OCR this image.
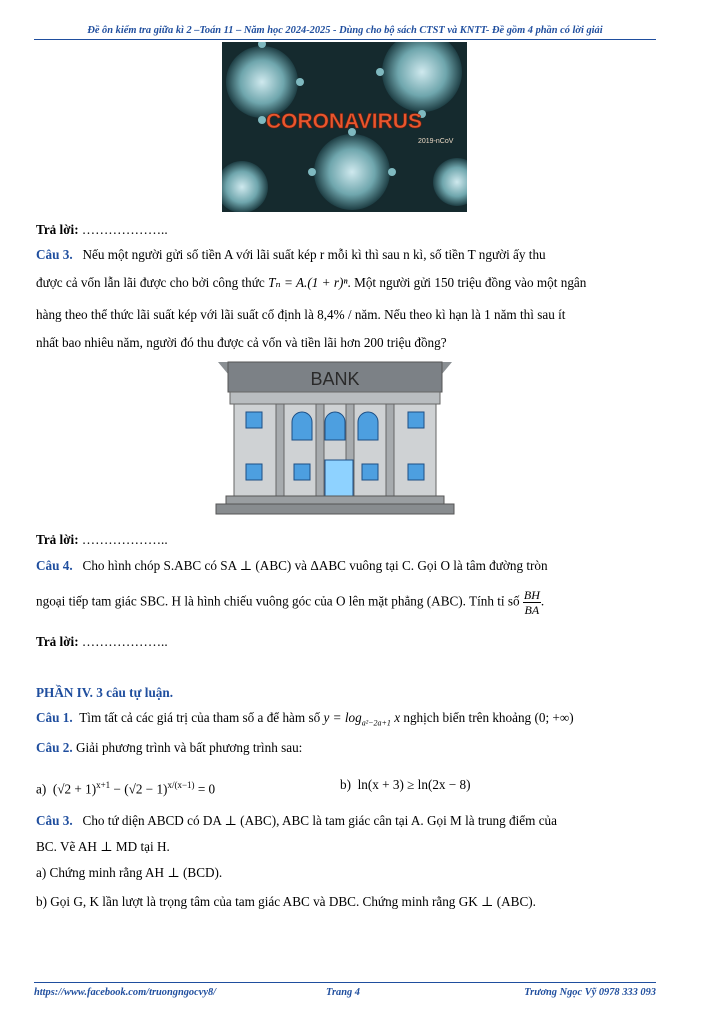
Đề ôn kiểm tra giữa kì 2 –Toán 11 – Năm học 2024-2025 - Dùng cho bộ sách CTST và KNTT- Đề gồm 4 phần có lời giải
CORONAVIRUS
2019-nCoV
Trả lời: ………………..
Câu 3. Nếu một người gửi số tiền A với lãi suất kép r mỗi kì thì sau n kì, số tiền T người ấy thu
được cả vốn lẫn lãi được cho bởi công thức Tₙ = A.(1 + r)ⁿ. Một người gửi 150 triệu đồng vào một ngân
hàng theo thể thức lãi suất kép với lãi suất cố định là 8,4% / năm. Nếu theo kì hạn là 1 năm thì sau ít
nhất bao nhiêu năm, người đó thu được cả vốn và tiền lãi hơn 200 triệu đồng?
BANK
Trả lời: ………………..
Câu 4. Cho hình chóp S.ABC có SA ⊥ (ABC) và ΔABC vuông tại C. Gọi O là tâm đường tròn
ngoại tiếp tam giác SBC. H là hình chiếu vuông góc của O lên mặt phẳng (ABC). Tính tỉ số $\frac{BH}{BA}$ .
Trả lời: ………………..
PHẦN IV. 3 câu tự luận.
Câu 1. Tìm tất cả các giá trị của tham số a để hàm số $y = \log_{a^2-2a+1} x$ nghịch biến trên khoảng (0; +∞)
Câu 2. Giải phương trình và bất phương trình sau:
a) $(√2 + 1)^{x+1} - (√2 - 1)^{x/(x-1)} = 0$	b) ln(x + 3) ≥ ln(2x − 8)
Câu 3. Cho tứ diện ABCD có DA ⊥ (ABC), ABC là tam giác cân tại A. Gọi M là trung điểm của
BC. Vẽ AH ⊥ MD tại H.
a) Chứng minh rằng AH ⊥ (BCD).
b) Gọi G, K lần lượt là trọng tâm của tam giác ABC và DBC. Chứng minh rằng GK ⊥ (ABC).
https://www.facebook.com/truongngocvy8/	Trang 4	Trương Ngọc Vỹ 0978 333 093
